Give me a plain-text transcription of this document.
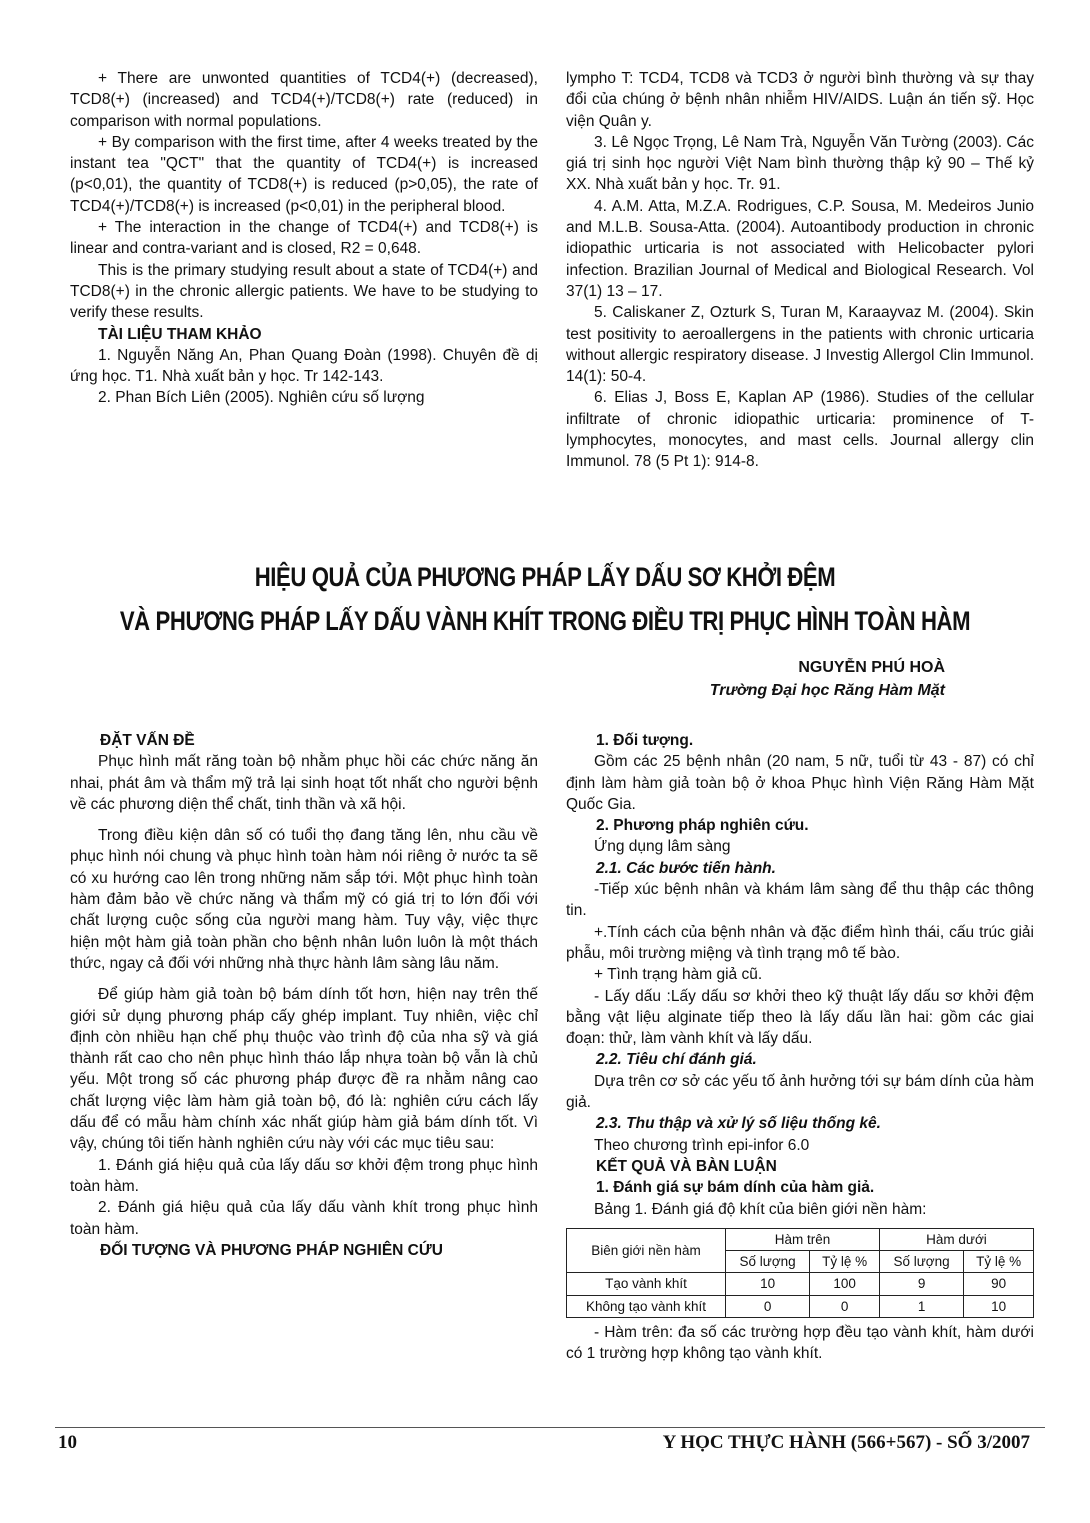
+ There are unwonted quantities of TCD4(+) (decreased), TCD8(+) (increased) and TCD4(+)/TCD8(+) rate (reduced) in comparison with normal populations.

+ By comparison with the first time, after 4 weeks treated by the instant tea "QCT" that the quantity of TCD4(+) is increased (p<0,01), the quantity of TCD8(+) is reduced (p>0,05), the rate of TCD4(+)/TCD8(+) is increased (p<0,01) in the peripheral blood.

+ The interaction in the change of TCD4(+) and TCD8(+) is linear and contra-variant and is closed, R2 = 0,648.

This is the primary studying result about a state of TCD4(+) and TCD8(+) in the chronic allergic patients. We have to be studying to verify these results.

TÀI LIỆU THAM KHẢO

1. Nguyễn Năng An, Phan Quang Đoàn (1998). Chuyên đề dị ứng học. T1. Nhà xuất bản y học. Tr 142-143.

2. Phan Bích Liên (2005). Nghiên cứu số lượng

lympho T: TCD4, TCD8 và TCD3 ở người bình thường và sự thay đổi của chúng ở bệnh nhân nhiễm HIV/AIDS. Luận án tiến sỹ. Học viện Quân y.

3. Lê Ngọc Trọng, Lê Nam Trà, Nguyễn Văn Tường (2003). Các giá trị sinh học người Việt Nam bình thường thập kỷ 90 – Thế kỷ XX. Nhà xuất bản y học. Tr. 91.

4. A.M. Atta, M.Z.A. Rodrigues, C.P. Sousa, M. Medeiros Junio and M.L.B. Sousa-Atta. (2004). Autoantibody production in chronic idiopathic urticaria is not associated with Helicobacter pylori infection. Brazilian Journal of Medical and Biological Research. Vol 37(1) 13 – 17.

5. Caliskaner Z, Ozturk S, Turan M, Karaayvaz M. (2004). Skin test positivity to aeroallergens in the patients with chronic urticaria without allergic respiratory disease. J Investig Allergol Clin Immunol. 14(1): 50-4.

6. Elias J, Boss E, Kaplan AP (1986). Studies of the cellular infiltrate of chronic idiopathic urticaria: prominence of T-lymphocytes, monocytes, and mast cells. Journal allergy clin Immunol. 78 (5 Pt 1): 914-8.

HIỆU QUẢ CỦA PHƯƠNG PHÁP LẤY DẤU SƠ KHỞI ĐỆM
VÀ PHƯƠNG PHÁP LẤY DẤU VÀNH KHÍT TRONG ĐIỀU TRỊ PHỤC HÌNH TOÀN HÀM
NGUYỄN PHÚ HOÀ
Trường Đại học Răng Hàm Mặt

ĐẶT VẤN ĐỀ

Phục hình mất răng toàn bộ nhằm phục hồi các chức năng ăn nhai, phát âm và thẩm mỹ trả lại sinh hoạt tốt nhất cho người bệnh về các phương diện thể chất, tinh thần và xã hội.

Trong điều kiện dân số có tuổi thọ đang tăng lên, nhu cầu về phục hình nói chung và phục hình toàn hàm nói riêng ở nước ta sẽ có xu hướng cao lên trong những năm sắp tới. Một phục hình toàn hàm đảm bảo về chức năng và thẩm mỹ có giá trị to lớn đối với chất lượng cuộc sống của người mang hàm. Tuy vậy, việc thực hiện một hàm giả toàn phần cho bệnh nhân luôn luôn là một thách thức, ngay cả đối với những nhà thực hành lâm sàng lâu năm.

Để giúp hàm giả toàn bộ bám dính tốt hơn, hiện nay trên thế giới sử dụng phương pháp cấy ghép implant. Tuy nhiên, việc chỉ định còn nhiều hạn chế phụ thuộc vào trình độ của nha sỹ và giá thành rất cao cho nên phục hình tháo lắp nhựa toàn bộ vẫn là chủ yếu. Một trong số các phương pháp được đề ra nhằm nâng cao chất lượng việc làm hàm giả toàn bộ, đó là: nghiên cứu cách lấy dấu để có mẫu hàm chính xác nhất giúp hàm giả bám dính tốt. Vì vậy, chúng tôi tiến hành nghiên cứu này với các mục tiêu sau:

1. Đánh giá hiệu quả của lấy dấu sơ khởi đệm trong phục hình toàn hàm.

2. Đánh giá hiệu quả của lấy dấu vành khít trong phục hình toàn hàm.

ĐỐI TƯỢNG VÀ PHƯƠNG PHÁP NGHIÊN CỨU

1. Đối tượng.

Gồm các 25 bệnh nhân (20 nam, 5 nữ, tuổi từ 43 - 87) có chỉ định làm hàm giả toàn bộ ở khoa Phục hình Viện Răng Hàm Mặt Quốc Gia.

2. Phương pháp nghiên cứu.

Ứng dụng lâm sàng

2.1. Các bước tiến hành.

-Tiếp xúc bệnh nhân và khám lâm sàng để thu thập các thông tin.

+.Tính cách của bệnh nhân và đặc điểm hình thái, cấu trúc giải phẫu, môi trường miệng và tình trạng mô tế bào.

+ Tình trạng hàm giả cũ.

- Lấy dấu :Lấy dấu sơ khởi theo kỹ thuật lấy dấu sơ khởi đệm bằng vật liệu alginate tiếp theo là lấy dấu lần hai: gồm các giai đoạn: thử, làm vành khít và lấy dấu.

2.2. Tiêu chí đánh giá.

Dựa trên cơ sở các yếu tố ảnh hưởng tới sự bám dính của hàm giả.

2.3. Thu thập và xử lý số liệu thống kê.

Theo chương trình epi-infor 6.0

KẾT QUẢ VÀ BÀN LUẬN

1. Đánh giá sự bám dính của hàm giả.

Bảng 1. Đánh giá độ khít của biên giới nền hàm:

Biên giới nền hàm	Hàm trên		Hàm dưới	
	Số lượng	Tỷ lệ %	Số lượng	Tỷ lệ %
Tạo vành khít	10	100	9	90
Không tạo vành khít	0	0	1	10

- Hàm trên: đa số các trường hợp đều tạo vành khít, hàm dưới có 1 trường hợp không tạo vành khít.

10	Y HỌC THỰC HÀNH (566+567) - SỐ 3/2007
